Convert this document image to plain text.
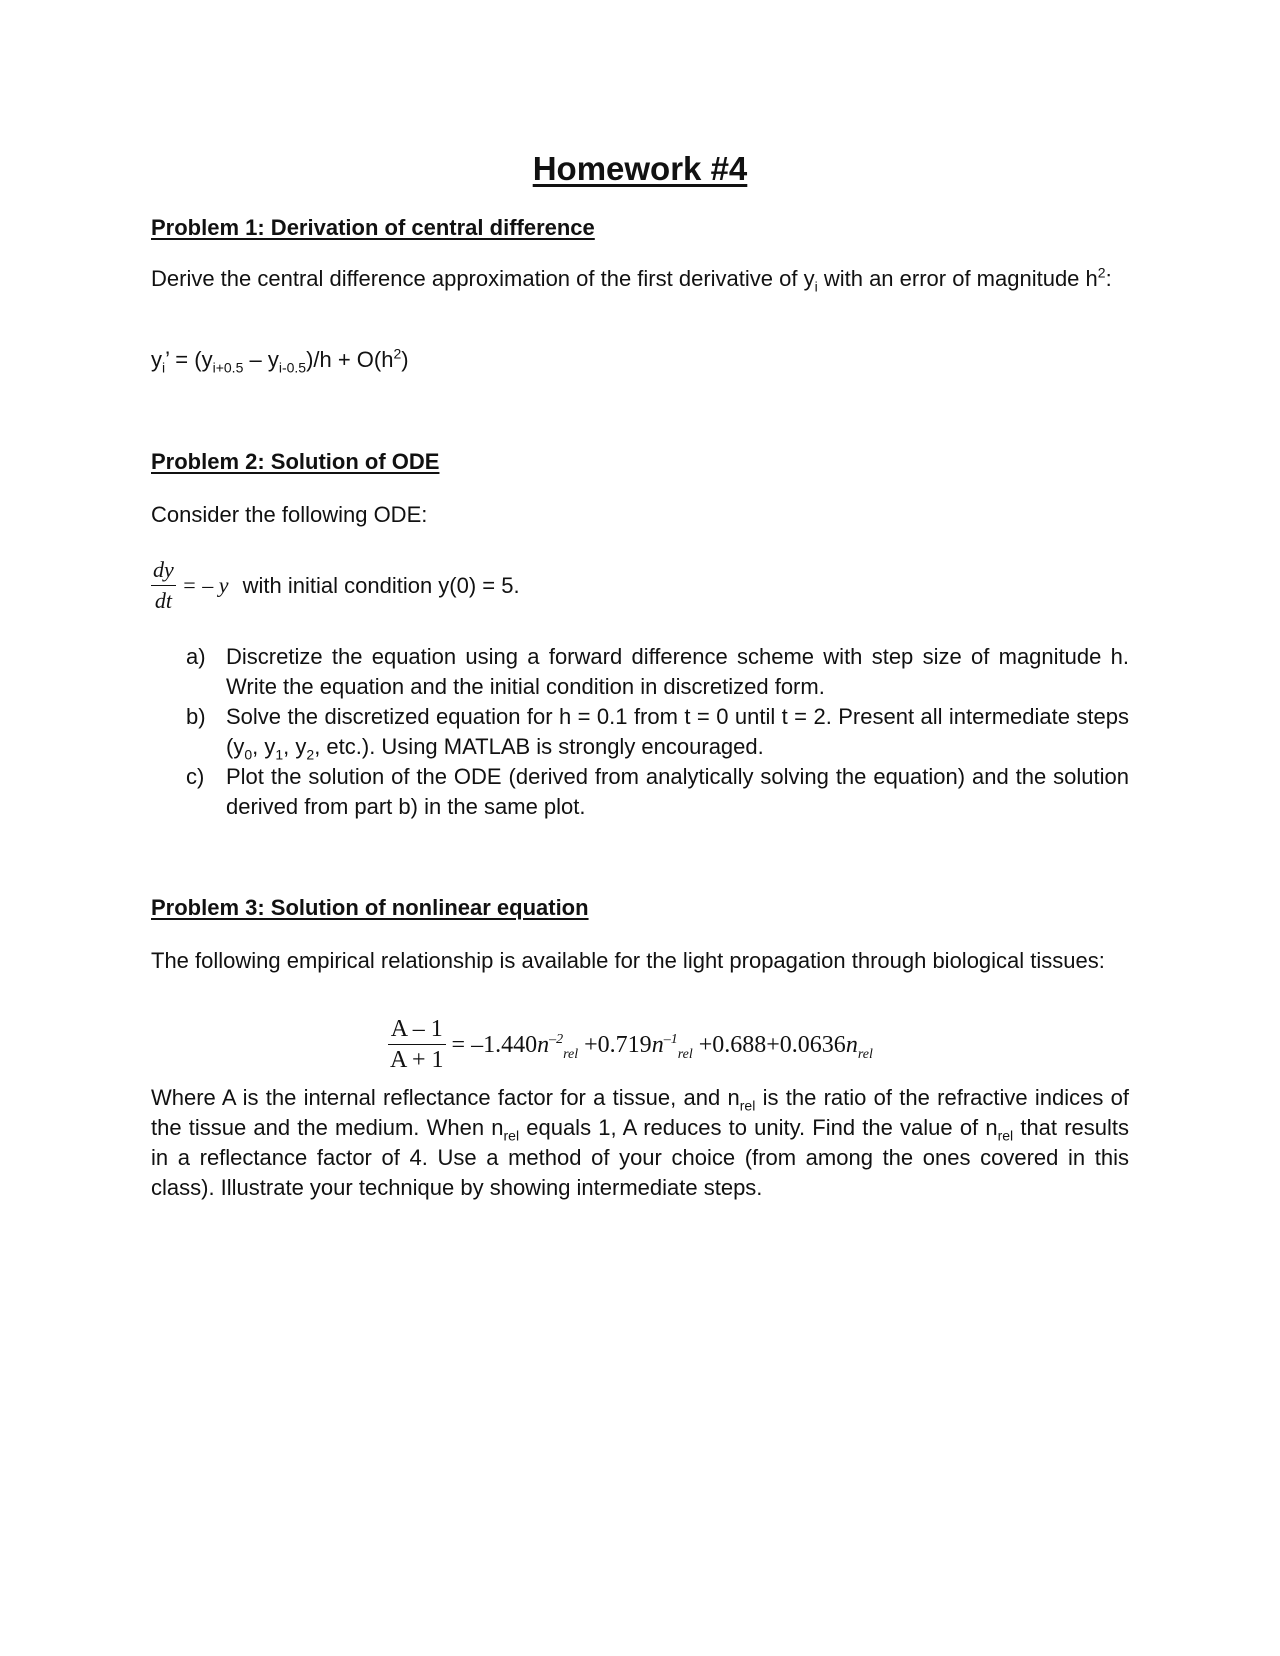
Homework #4
Problem 1: Derivation of central difference
Derive the central difference approximation of the first derivative of $y_i$ with an error of magnitude $h^2$:
$y_i$’ = $(y_{i+0.5} - y_{i-0.5})/h + O(h^2)$
Problem 2: Solution of ODE
Consider the following ODE:
$\frac{dy}{dt}$ = – y with initial condition y(0) = 5.
a) Discretize the equation using a forward difference scheme with step size of magnitude h. Write the equation and the initial condition in discretized form.
b) Solve the discretized equation for h = 0.1 from t = 0 until t = 2. Present all intermediate steps ($y_0$, $y_1$, $y_2$, etc.). Using MATLAB is strongly encouraged.
c) Plot the solution of the ODE (derived from analytically solving the equation) and the solution derived from part b) in the same plot.
Problem 3: Solution of nonlinear equation
The following empirical relationship is available for the light propagation through biological tissues:
$\frac{A - 1}{A + 1} = -1.440n^{-2}_{rel} +0.719n^{-1}_{rel} +0.688+0.0636n_{rel}$
Where A is the internal reflectance factor for a tissue, and $n_{rel}$ is the ratio of the refractive indices of the tissue and the medium. When $n_{rel}$ equals 1, A reduces to unity. Find the value of $n_{rel}$ that results in a reflectance factor of 4. Use a method of your choice (from among the ones covered in this class). Illustrate your technique by showing intermediate steps.
